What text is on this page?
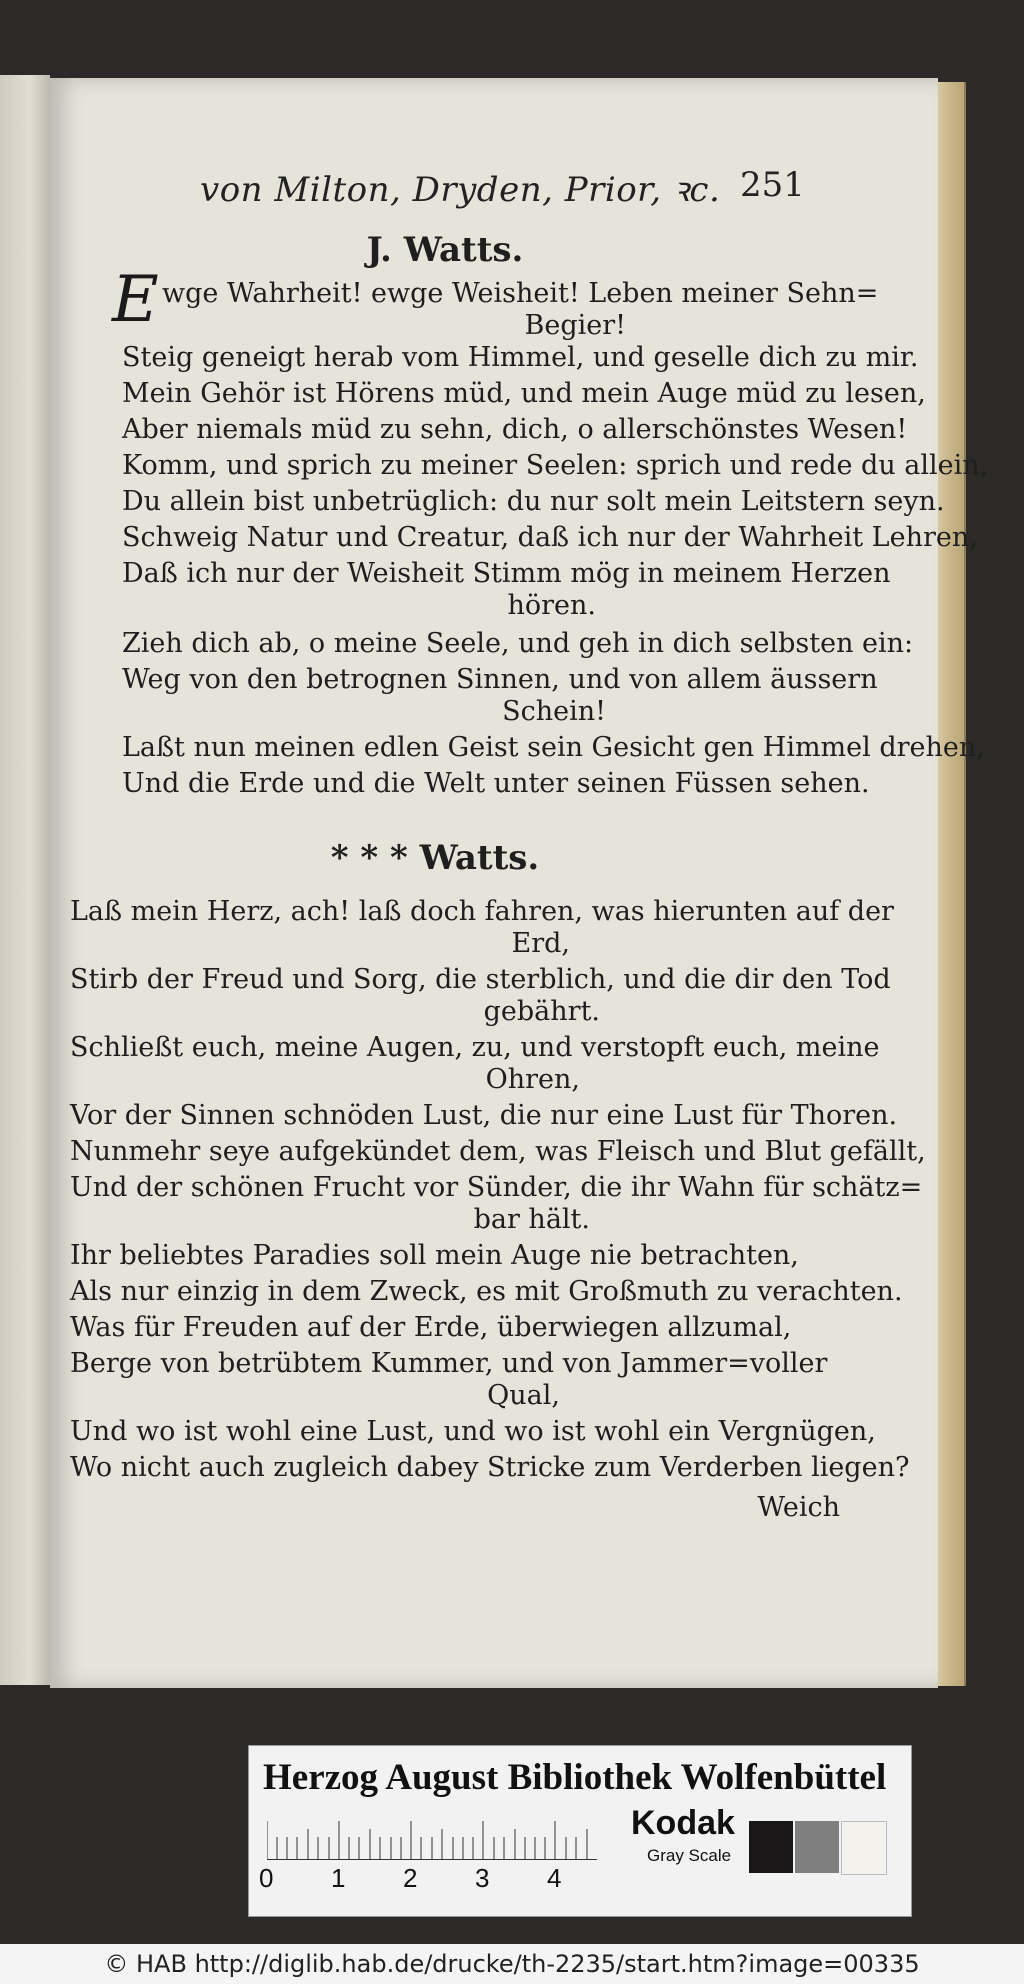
von Milton, Dryden, Prior, ꝛc. 251
J. Watts.
E wge Wahrheit! ewge Weisheit! Leben meiner Sehn=
Begier!
Steig geneigt herab vom Himmel, und geselle dich zu mir.
Mein Gehör ist Hörens müd, und mein Auge müd zu lesen,
Aber niemals müd zu sehn, dich, o allerschönstes Wesen!
Komm, und sprich zu meiner Seelen: sprich und rede du allein,
Du allein bist unbetrüglich: du nur solt mein Leitstern seyn.
Schweig Natur und Creatur, daß ich nur der Wahrheit Lehren,
Daß ich nur der Weisheit Stimm mög in meinem Herzen
hören.
Zieh dich ab, o meine Seele, und geh in dich selbsten ein:
Weg von den betrognen Sinnen, und von allem äussern
Schein!
Laßt nun meinen edlen Geist sein Gesicht gen Himmel drehen,
Und die Erde und die Welt unter seinen Füssen sehen.
* * * Watts.
Laß mein Herz, ach! laß doch fahren, was hierunten auf der
Erd,
Stirb der Freud und Sorg, die sterblich, und die dir den Tod
gebährt.
Schließt euch, meine Augen, zu, und verstopft euch, meine
Ohren,
Vor der Sinnen schnöden Lust, die nur eine Lust für Thoren.
Nunmehr seye aufgekündet dem, was Fleisch und Blut gefällt,
Und der schönen Frucht vor Sünder, die ihr Wahn für schätz=
bar hält.
Ihr beliebtes Paradies soll mein Auge nie betrachten,
Als nur einzig in dem Zweck, es mit Großmuth zu verachten.
Was für Freuden auf der Erde, überwiegen allzumal,
Berge von betrübtem Kummer, und von Jammer=voller
Qual,
Und wo ist wohl eine Lust, und wo ist wohl ein Vergnügen,
Wo nicht auch zugleich dabey Stricke zum Verderben liegen?
Weich
Herzog August Bibliothek Wolfenbüttel
0 1 2 3 4
Kodak
Gray Scale
© HAB http://diglib.hab.de/drucke/th-2235/start.htm?image=00335
